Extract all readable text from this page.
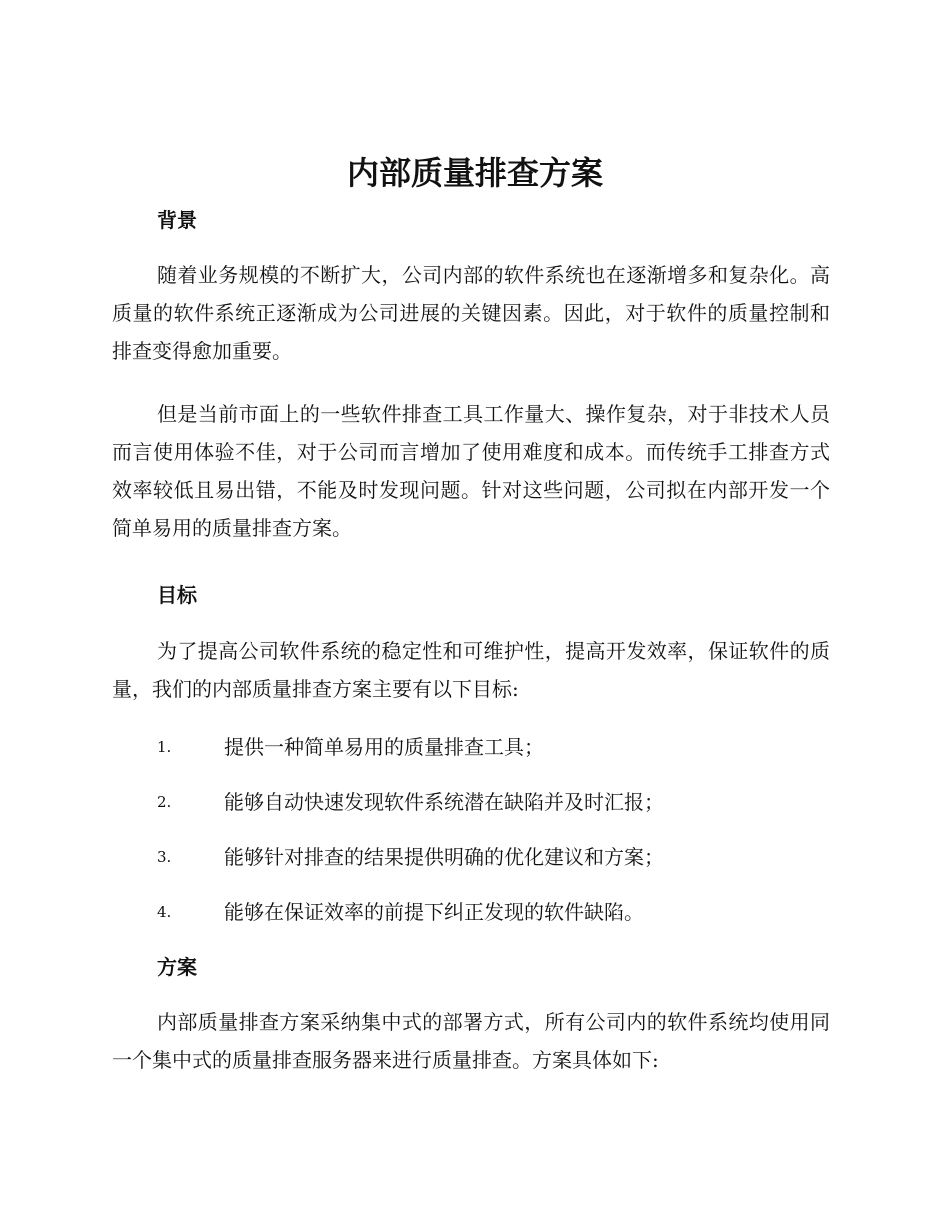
内部质量排查方案
背景

随着业务规模的不断扩大，公司内部的软件系统也在逐渐增多和复杂化。高质量的软件系统正逐渐成为公司进展的关键因素。因此，对于软件的质量控制和排查变得愈加重要。

但是当前市面上的一些软件排查工具工作量大、操作复杂，对于非技术人员而言使用体验不佳，对于公司而言增加了使用难度和成本。而传统手工排查方式效率较低且易出错，不能及时发现问题。针对这些问题，公司拟在内部开发一个简单易用的质量排查方案。

目标

为了提高公司软件系统的稳定性和可维护性，提高开发效率，保证软件的质量，我们的内部质量排查方案主要有以下目标:

1.	提供一种简单易用的质量排查工具；
2.	能够自动快速发现软件系统潜在缺陷并及时汇报；
3.	能够针对排查的结果提供明确的优化建议和方案；
4.	能够在保证效率的前提下纠正发现的软件缺陷。
方案

内部质量排查方案采纳集中式的部署方式，所有公司内的软件系统均使用同一个集中式的质量排查服务器来进行质量排查。方案具体如下:
